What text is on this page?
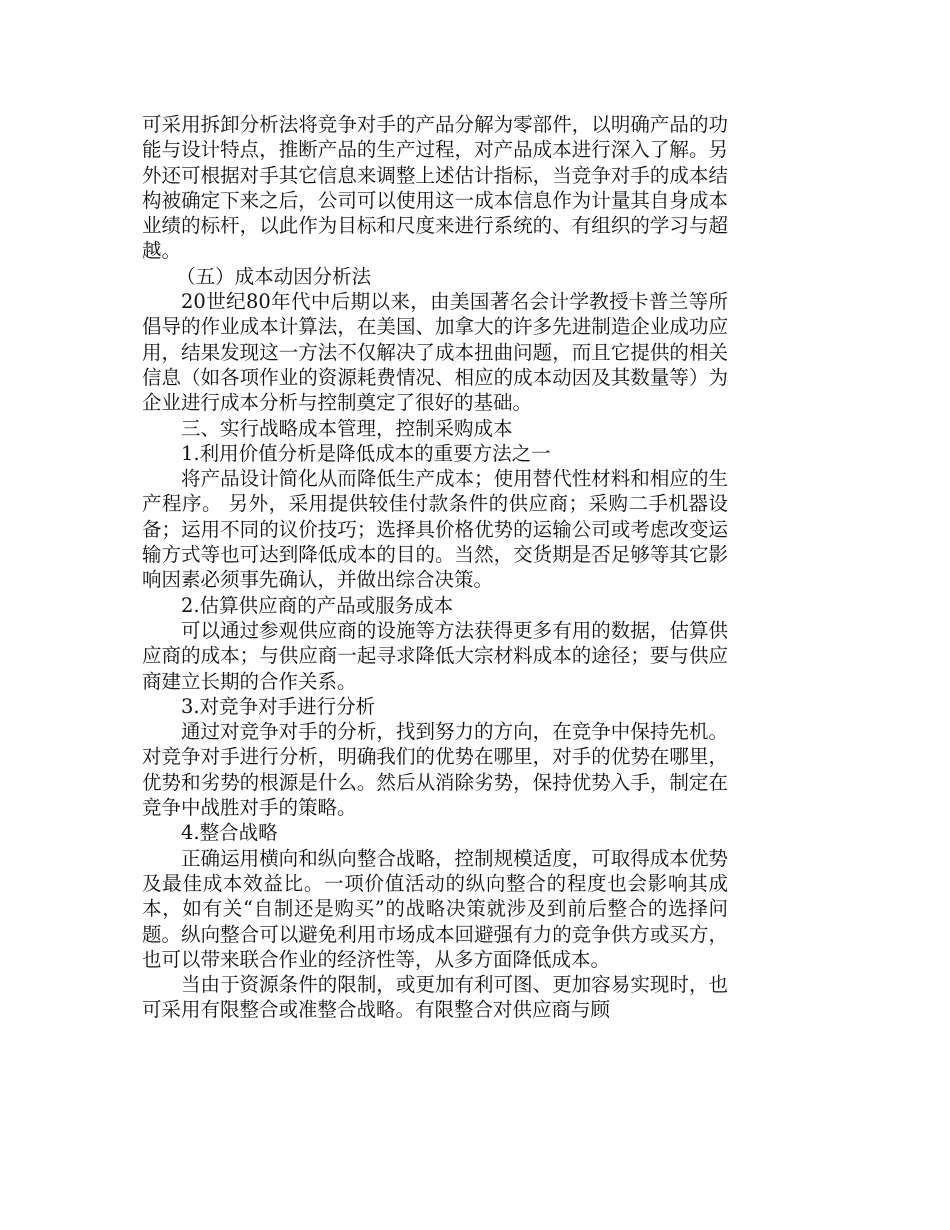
可采用拆卸分析法将竞争对手的产品分解为零部件，以明确产品的功能与设计特点，推断产品的生产过程，对产品成本进行深入了解。另外还可根据对手其它信息来调整上述估计指标，当竞争对手的成本结构被确定下来之后，公司可以使用这一成本信息作为计量其自身成本业绩的标杆，以此作为目标和尺度来进行系统的、有组织的学习与超越。

（五）成本动因分析法

20世纪80年代中后期以来，由美国著名会计学教授卡普兰等所倡导的作业成本计算法，在美国、加拿大的许多先进制造企业成功应用，结果发现这一方法不仅解决了成本扭曲问题，而且它提供的相关信息（如各项作业的资源耗费情况、相应的成本动因及其数量等）为企业进行成本分析与控制奠定了很好的基础。

三、实行战略成本管理，控制采购成本

1.利用价值分析是降低成本的重要方法之一

将产品设计简化从而降低生产成本；使用替代性材料和相应的生产程序。 另外，采用提供较佳付款条件的供应商；采购二手机器设备；运用不同的议价技巧；选择具价格优势的运输公司或考虑改变运输方式等也可达到降低成本的目的。当然，交货期是否足够等其它影响因素必须事先确认，并做出综合决策。

2.估算供应商的产品或服务成本

可以通过参观供应商的设施等方法获得更多有用的数据，估算供应商的成本；与供应商一起寻求降低大宗材料成本的途径；要与供应商建立长期的合作关系。

3.对竞争对手进行分析

通过对竞争对手的分析，找到努力的方向，在竞争中保持先机。对竞争对手进行分析，明确我们的优势在哪里，对手的优势在哪里，优势和劣势的根源是什么。然后从消除劣势，保持优势入手，制定在竞争中战胜对手的策略。

4.整合战略

正确运用横向和纵向整合战略，控制规模适度，可取得成本优势及最佳成本效益比。一项价值活动的纵向整合的程度也会影响其成本，如有关“自制还是购买”的战略决策就涉及到前后整合的选择问题。纵向整合可以避免利用市场成本回避强有力的竞争供方或买方，也可以带来联合作业的经济性等，从多方面降低成本。

当由于资源条件的限制，或更加有利可图、更加容易实现时，也可采用有限整合或准整合战略。有限整合对供应商与顾
